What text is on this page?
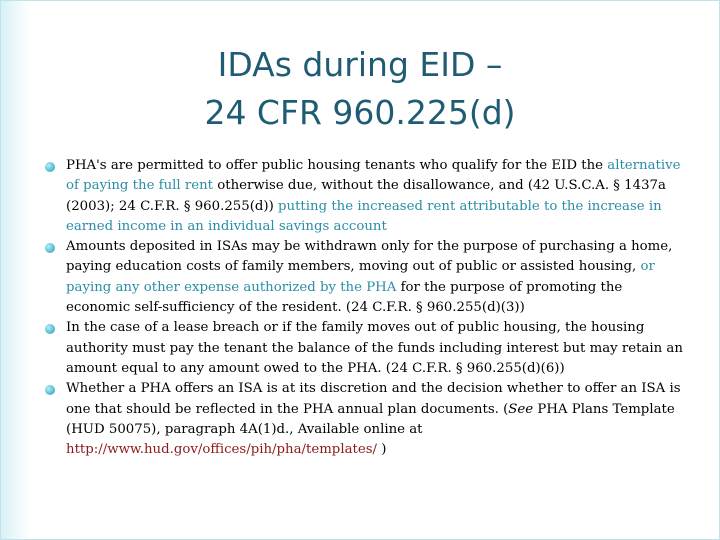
IDAs during EID –
24 CFR 960.225(d)
PHA's are permitted to offer public housing tenants who qualify for the EID the alternative of paying the full rent otherwise due, without the disallowance, and (42 U.S.C.A. § 1437a (2003); 24 C.F.R. § 960.255(d)) putting the increased rent attributable to the increase in earned income in an individual savings account
Amounts deposited in ISAs may be withdrawn only for the purpose of purchasing a home, paying education costs of family members, moving out of public or assisted housing, or paying any other expense authorized by the PHA for the purpose of promoting the economic self-sufficiency of the resident. (24 C.F.R. § 960.255(d)(3))
In the case of a lease breach or if the family moves out of public housing, the housing authority must pay the tenant the balance of the funds including interest but may retain an amount equal to any amount owed to the PHA. (24 C.F.R. § 960.255(d)(6))
Whether a PHA offers an ISA is at its discretion and the decision whether to offer an ISA is one that should be reflected in the PHA annual plan documents. (See PHA Plans Template (HUD 50075), paragraph 4A(1)d., Available online at http://www.hud.gov/offices/pih/pha/templates/ )
